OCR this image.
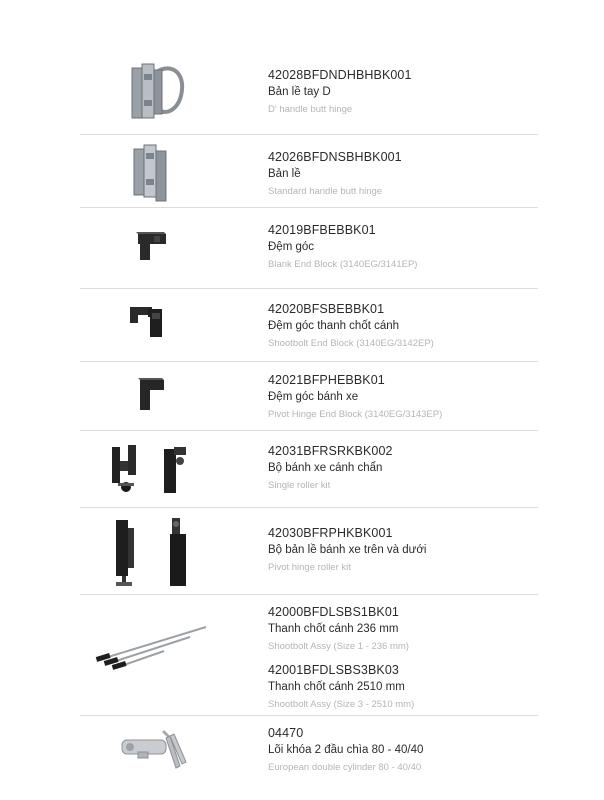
42028BFDNDHBHBK001
Bản lề tay D
D' handle butt hinge
42026BFDNSBHBK001
Bản lề
Standard handle butt hinge
42019BFBEBBK01
Đệm góc
Blank End Block (3140EG/3141EP)
42020BFSBEBBK01
Đệm góc thanh chốt cánh
Shootbolt End Block (3140EG/3142EP)
42021BFPHEBBK01
Đệm góc bánh xe
Pivot Hinge End Block (3140EG/3143EP)
42031BFRSRKBK002
Bộ bánh xe cánh chẩn
Single roller kit
42030BFRPHKBK001
Bộ bản lề bánh xe trên và dưới
Pivot hinge roller kit
42000BFDLSBS1BK01
Thanh chốt cánh 236 mm
Shootbolt Assy (Size 1 - 236 mm)
42001BFDLSBS3BK03
Thanh chốt cánh 2510 mm
Shootbolt Assy (Size 3 - 2510 mm)
04470
Lõi khóa 2 đầu chìa 80 - 40/40
European double cylinder 80 - 40/40
